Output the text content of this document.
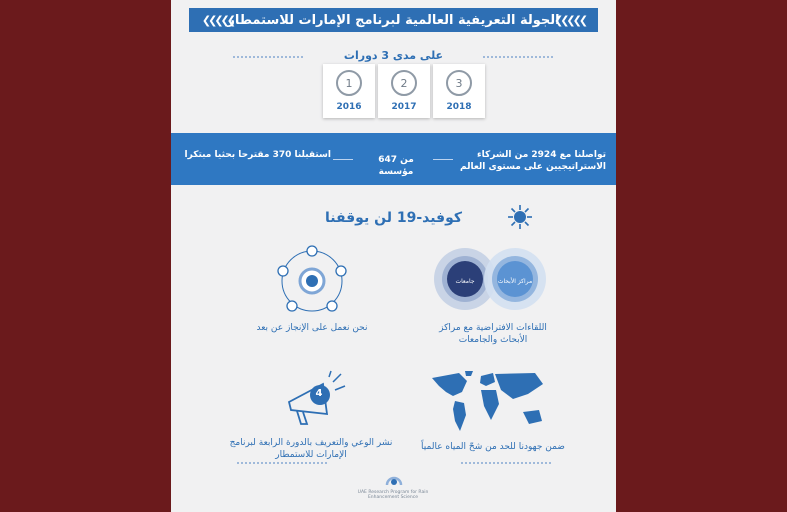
❯❯❯❯❯
الجولة التعريفية العالمية لبرنامج الإمارات للاستمطار
❯❯❯❯❯
على مدى 3 دورات
3
2018
2
2017
1
2016
تواصلنا مع 2924 من الشركاء الاستراتيجيين على مستوى العالم
من 647 مؤسسة
استقبلنا 370 مقترحا بحثيا مبتكرا
كوفيد-19 لن يوقفنا
جامعات	مراكز الأبحاث
اللقاءات الافتراضية مع مراكز الأبحاث والجامعات
نحن نعمل على الإنجاز عن بعد
ضمن جهودنا للحد من شحّ المياه عالمياً
4
نشر الوعي والتعريف بالدورة الرابعة لبرنامج الإمارات للاستمطار
UAE Research Program for Rain Enhancement Science
